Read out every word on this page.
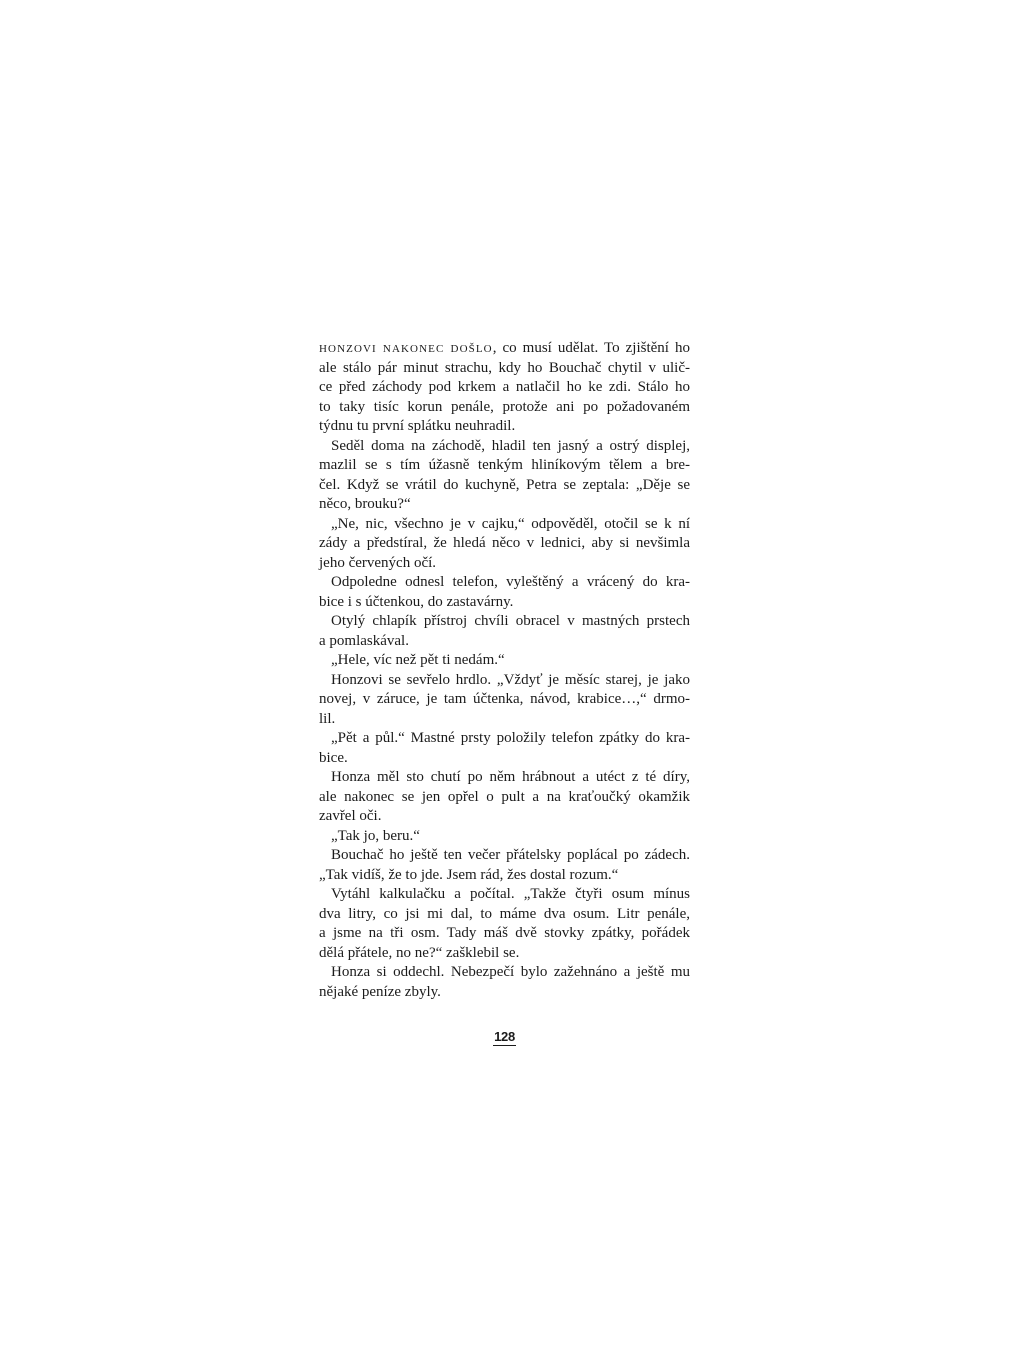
HONZOVI NAKONEC DOŠLO, co musí udělat. To zjištění ho
ale stálo pár minut strachu, kdy ho Bouchač chytil v ulič-
ce před záchody pod krkem a natlačil ho ke zdi. Stálo ho
to taky tisíc korun penále, protože ani po požadovaném
týdnu tu první splátku neuhradil.
Seděl doma na záchodě, hladil ten jasný a ostrý displej,
mazlil se s tím úžasně tenkým hliníkovým tělem a bre-
čel. Když se vrátil do kuchyně, Petra se zeptala: „Děje se
něco, brouku?“
„Ne, nic, všechno je v cajku,“ odpověděl, otočil se k ní
zády a předstíral, že hledá něco v lednici, aby si nevšimla
jeho červených očí.
Odpoledne odnesl telefon, vyleštěný a vrácený do kra-
bice i s účtenkou, do zastavárny.
Otylý chlapík přístroj chvíli obracel v mastných prstech
a pomlaskával.
„Hele, víc než pět ti nedám.“
Honzovi se sevřelo hrdlo. „Vždyť je měsíc starej, je jako
novej, v záruce, je tam účtenka, návod, krabice…,“ drmo-
lil.
„Pět a půl.“ Mastné prsty položily telefon zpátky do kra-
bice.
Honza měl sto chutí po něm hrábnout a utéct z té díry,
ale nakonec se jen opřel o pult a na kraťoučký okamžik
zavřel oči.
„Tak jo, beru.“
Bouchač ho ještě ten večer přátelsky poplácal po zádech.
„Tak vidíš, že to jde. Jsem rád, žes dostal rozum.“
Vytáhl kalkulačku a počítal. „Takže čtyři osum mínus
dva litry, co jsi mi dal, to máme dva osum. Litr penále,
a jsme na tři osm. Tady máš dvě stovky zpátky, pořádek
dělá přátele, no ne?“ zašklebil se.
Honza si oddechl. Nebezpečí bylo zažehnáno a ještě mu
nějaké peníze zbyly.
128
